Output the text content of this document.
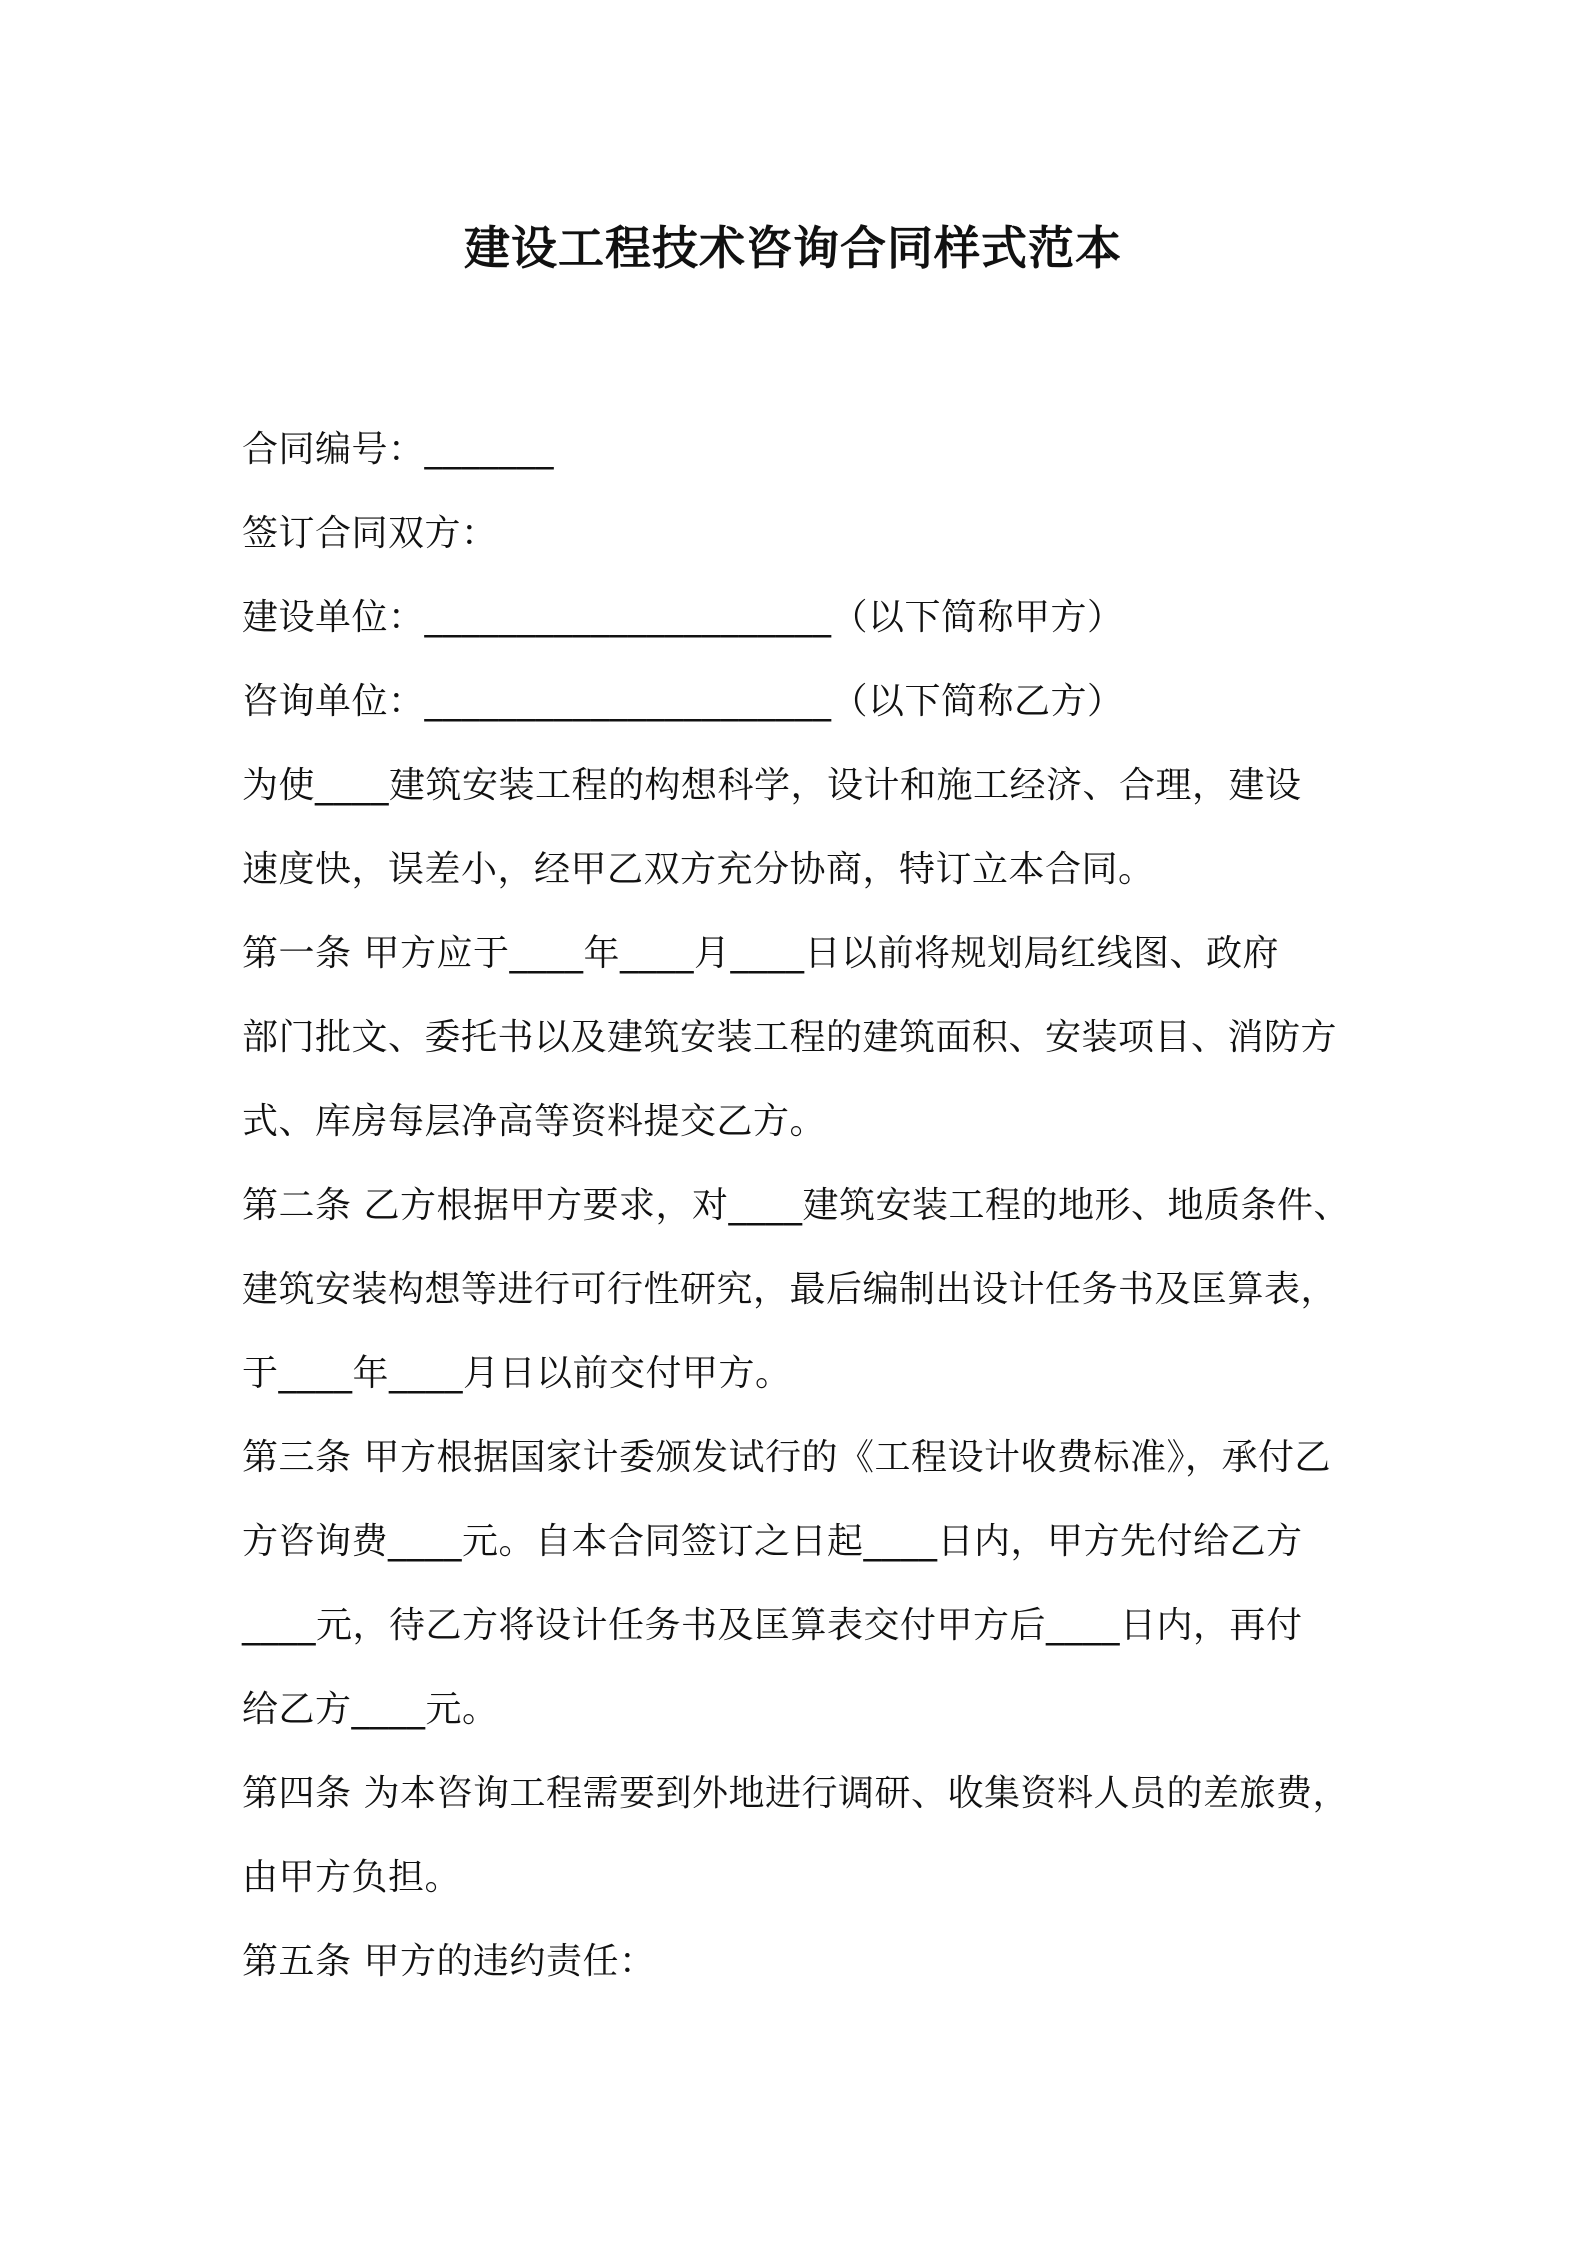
建设工程技术咨询合同样式范本
合同编号：_______
签订合同双方：
建设单位：______________________（以下简称甲方）
咨询单位：______________________（以下简称乙方）
为使____建筑安装工程的构想科学，设计和施工经济、合理，建设
速度快，误差小，经甲乙双方充分协商，特订立本合同。
第一条 甲方应于____年____月____日以前将规划局红线图、政府
部门批文、委托书以及建筑安装工程的建筑面积、安装项目、消防方
式、库房每层净高等资料提交乙方。
第二条 乙方根据甲方要求，对____建筑安装工程的地形、地质条件、
建筑安装构想等进行可行性研究，最后编制出设计任务书及匡算表，
于____年____月日以前交付甲方。
第三条 甲方根据国家计委颁发试行的《工程设计收费标准》，承付乙
方咨询费____元。自本合同签订之日起____日内，甲方先付给乙方
____元，待乙方将设计任务书及匡算表交付甲方后____日内，再付
给乙方____元。
第四条 为本咨询工程需要到外地进行调研、收集资料人员的差旅费，
由甲方负担。
第五条 甲方的违约责任：
